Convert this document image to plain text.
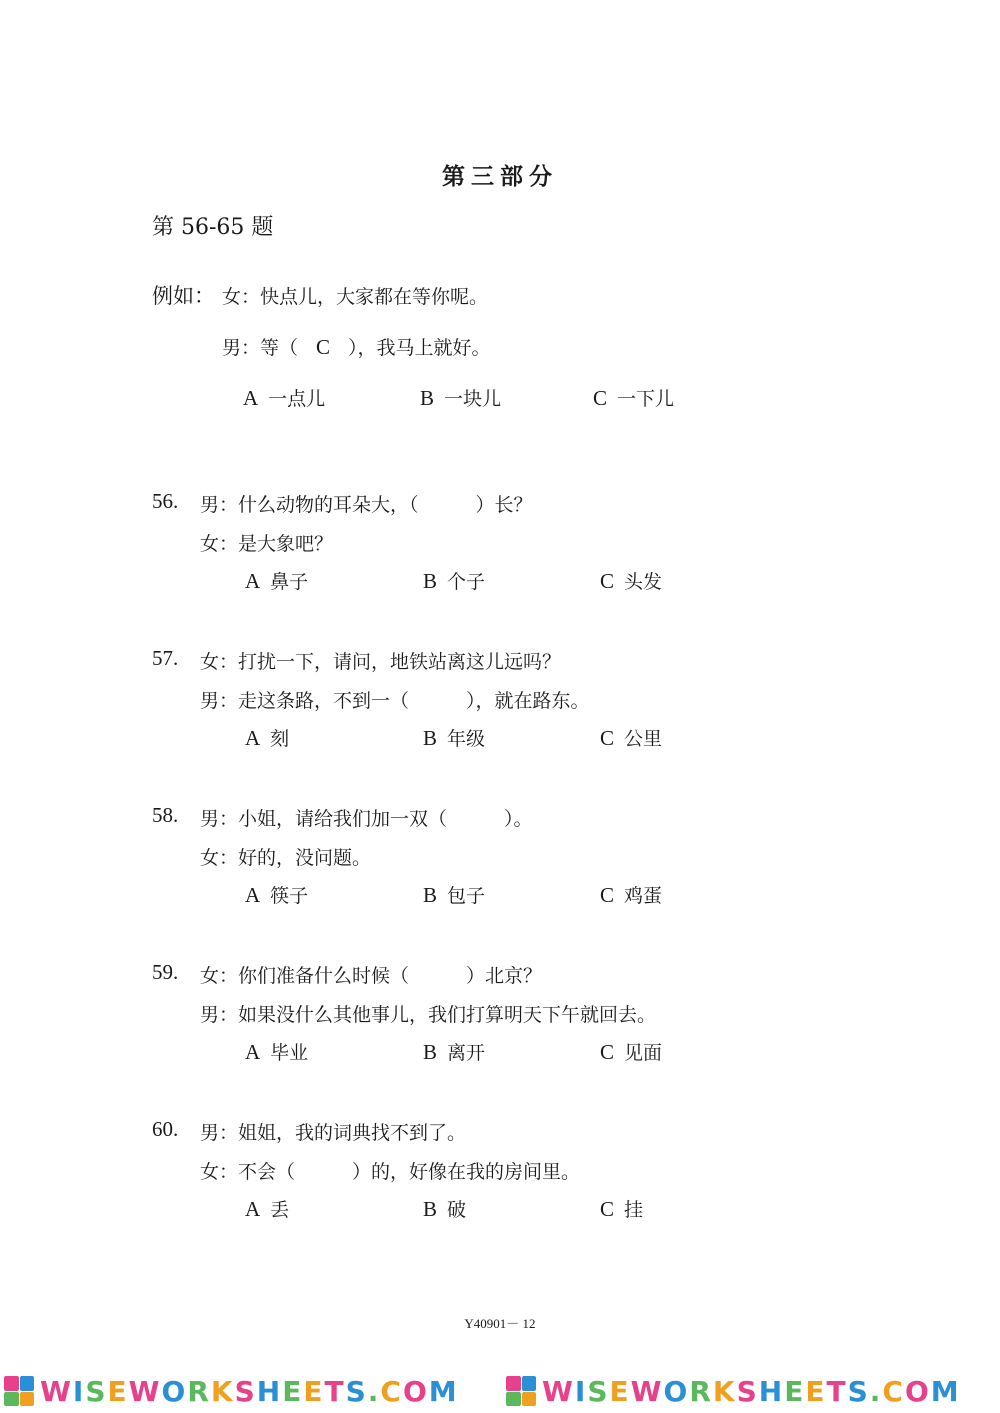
第三部分
第 56-65 题
例如： 女：快点儿，大家都在等你呢。
男：等（ C ），我马上就好。
A 一点儿	B 一块儿	C 一下儿
56. 男：什么动物的耳朵大，（　　　）长？
女：是大象吧？
A 鼻子	B 个子	C 头发
57. 女：打扰一下，请问，地铁站离这儿远吗？
男：走这条路，不到一（　　　），就在路东。
A 刻	B 年级	C 公里
58. 男：小姐，请给我们加一双（　　　）。
女：好的，没问题。
A 筷子	B 包子	C 鸡蛋
59. 女：你们准备什么时候（　　　）北京？
男：如果没什么其他事儿，我们打算明天下午就回去。
A 毕业	B 离开	C 见面
60. 男：姐姐，我的词典找不到了。
女：不会（　　　）的，好像在我的房间里。
A 丢	B 破	C 挂
Y40901－ 12
WISEWORKSHEETS.COM	WISEWORKSHEETS.COM
